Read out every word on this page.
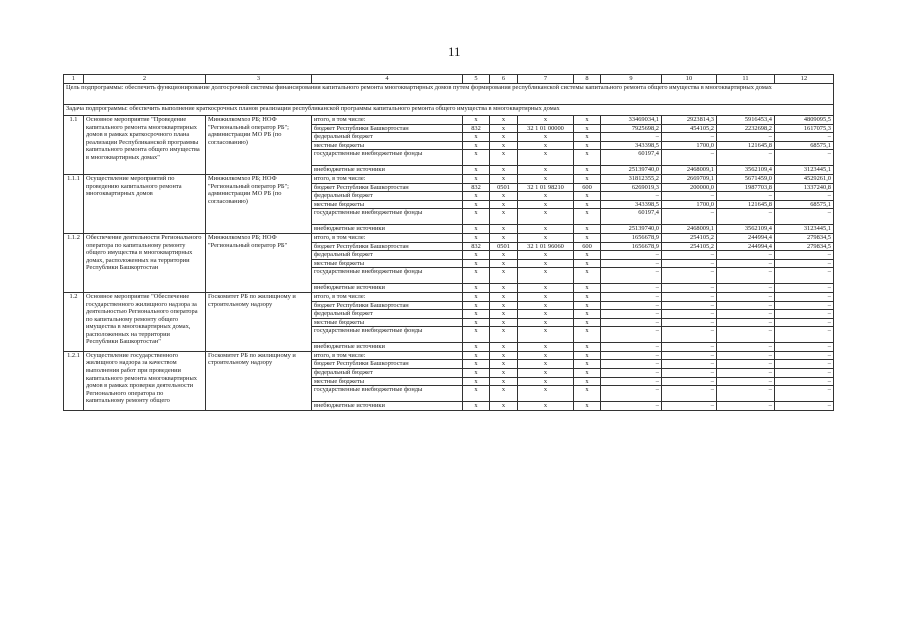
11
1	2	3	4	5	6	7	8	9	10	11	12
Цель подпрограммы: обеспечить функционирование долгосрочной системы финансирования капитального ремонта многоквартирных домов путем формирования республиканской системы капитального ремонта общего имущества в многоквартирных домах											
Задача подпрограммы: обеспечить выполнение краткосрочных планов реализации республиканской программы капитального ремонта общего имущества в многоквартирных домах											
1.1	Основное мероприятие "Проведение капитального ремонта многоквартирных домов в рамках краткосрочного плана реализации Республиканской программы капитального ремонта общего имущества в многоквартирных домах"	Минжилкомхоз РБ; НОФ "Региональный оператор РБ"; администрации МО РБ (по согласованию)	итого, в том числе:	х	х	х	х	33469034,1	2923814,3	5916453,4	4809095,5
			бюджет Республики Башкортостан	832	х	32 1 01 00000	х	7925698,2	454105,2	2232698,2	1617075,3
			федеральный бюджет	х	х	х	х	–	–	–	–
			местные бюджеты	х	х	х	х	343398,5	1700,0	121645,8	68575,1
			государственные внебюджетные фонды	х	х	х	х	60197,4	–	–	–
			внебюджетные источники	х	х	х	х	25139740,0	2468009,1	3562109,4	3123445,1
1.1.1	Осуществление мероприятий по проведению капитального ремонта многоквартирных домов	Минжилкомхоз РБ; НОФ "Региональный оператор РБ"; администрации МО РБ (по согласованию)	итого, в том числе:	х	х	х	х	31812355,2	2669709,1	5671459,0	4529261,0
			бюджет Республики Башкортостан	832	0501	32 1 01 98210	600	6269019,3	200000,0	1987703,8	1337240,8
			федеральный бюджет	х	х	х	х	–	–	–	–
			местные бюджеты	х	х	х	х	343398,5	1700,0	121645,8	68575,1
			государственные внебюджетные фонды	х	х	х	х	60197,4	–	–	–
			внебюджетные источники	х	х	х	х	25139740,0	2468009,1	3562109,4	3123445,1
1.1.2	Обеспечение деятельности Регионального оператора по капитальному ремонту общего имущества в многоквартирных домах, расположенных на территории Республики Башкортостан	Минжилкомхоз РБ; НОФ "Региональный оператор РБ"	итого, в том числе:	х	х	х	х	1656678,9	254105,2	244994,4	279834,5
			бюджет Республики Башкортостан	832	0501	32 1 01 96060	600	1656678,9	254105,2	244994,4	279834,5
			федеральный бюджет	х	х	х	х	–	–	–	–
			местные бюджеты	х	х	х	х	–	–	–	–
			государственные внебюджетные фонды	х	х	х	х	–	–	–	–
			внебюджетные источники	х	х	х	х	–	–	–	–
1.2	Основное мероприятие "Обеспечение государственного жилищного надзора за деятельностью Регионального оператора по капитальному ремонту общего имущества в многоквартирных домах, расположенных на территории Республики Башкортостан"	Госкомитет РБ по жилищному и строительному надзору	итого, в том числе:	х	х	х	х	–	–	–	–
			бюджет Республики Башкортостан	х	х	х	х	–	–	–	–
			федеральный бюджет	х	х	х	х	–	–	–	–
			местные бюджеты	х	х	х	х	–	–	–	–
			государственные внебюджетные фонды	х	х	х	х	–	–	–	–
			внебюджетные источники	х	х	х	х	–	–	–	–
1.2.1	Осуществление государственного жилищного надзора за качеством выполнения работ при проведении капитального ремонта многоквартирных домов в рамках проверки деятельности Регионального оператора по капитальному ремонту общего	Госкомитет РБ по жилищному и строительному надзору	итого, в том числе:	х	х	х	х	–	–	–	–
			бюджет Республики Башкортостан	х	х	х	х	–	–	–	–
			федеральный бюджет	х	х	х	х	–	–	–	–
			местные бюджеты	х	х	х	х	–	–	–	–
			государственные внебюджетные фонды	х	х	х	х	–	–	–	–
			внебюджетные источники	х	х	х	х	–	–	–	–
